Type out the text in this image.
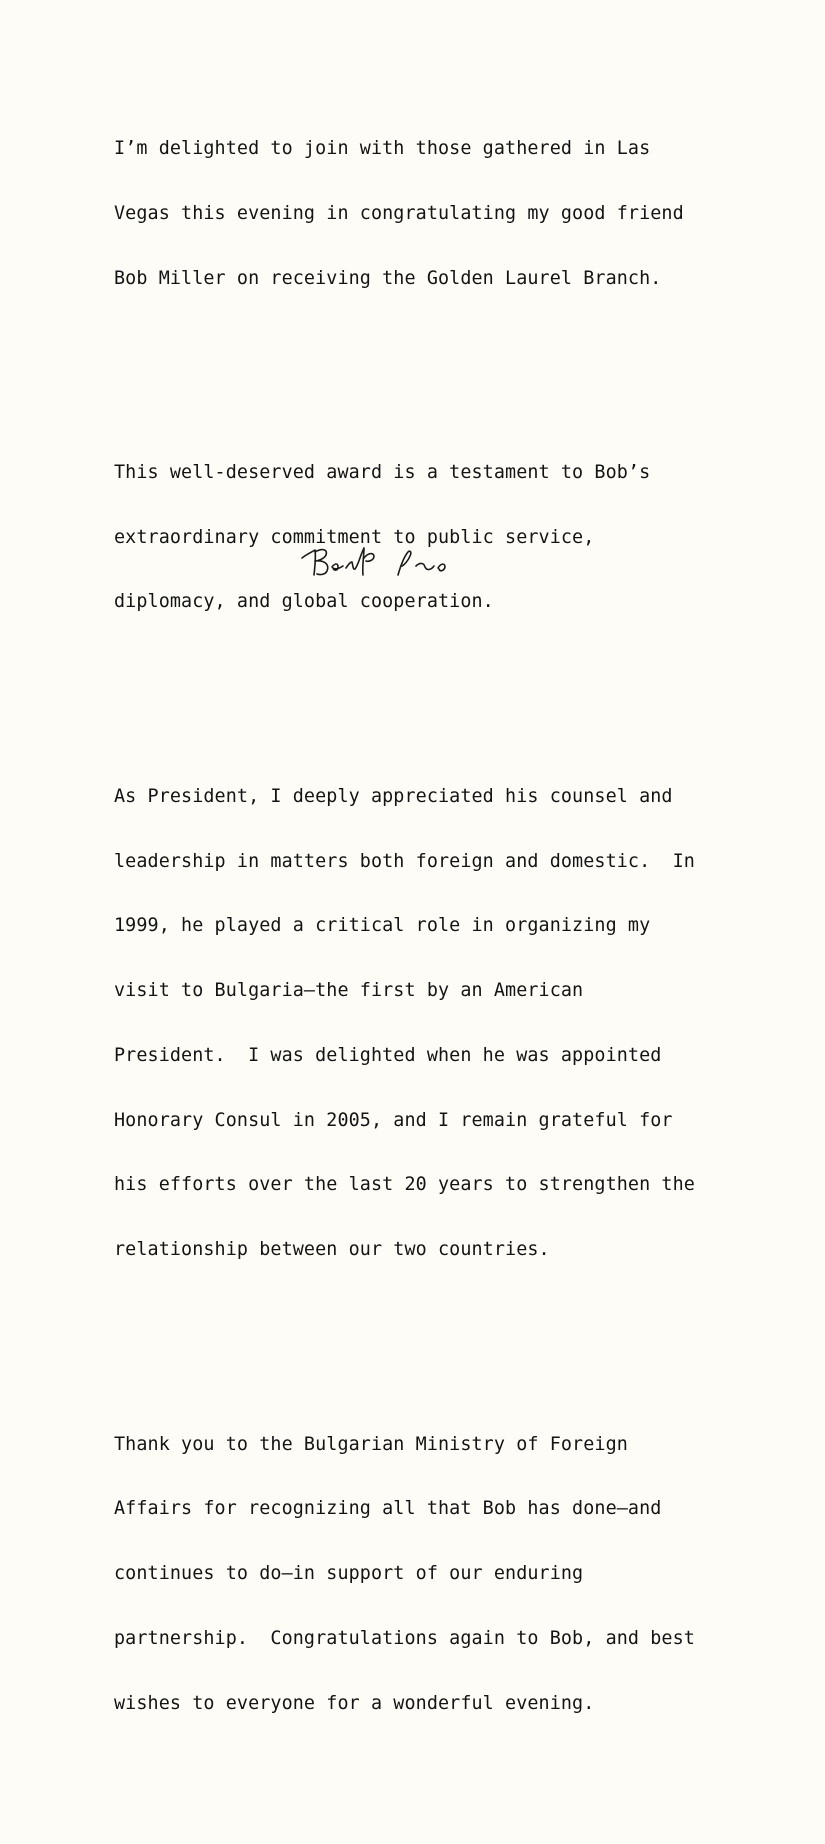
I’m delighted to join with those gathered in Las

Vegas this evening in congratulating my good friend

Bob Miller on receiving the Golden Laurel Branch.

This well-deserved award is a testament to Bob’s

extraordinary commitment to public service,

diplomacy, and global cooperation.

As President, I deeply appreciated his counsel and

leadership in matters both foreign and domestic.  In

1999, he played a critical role in organizing my

visit to Bulgaria—the first by an American

President.  I was delighted when he was appointed

Honorary Consul in 2005, and I remain grateful for

his efforts over the last 20 years to strengthen the

relationship between our two countries.

Thank you to the Bulgarian Ministry of Foreign

Affairs for recognizing all that Bob has done—and

continues to do—in support of our enduring

partnership.  Congratulations again to Bob, and best

wishes to everyone for a wonderful evening.
